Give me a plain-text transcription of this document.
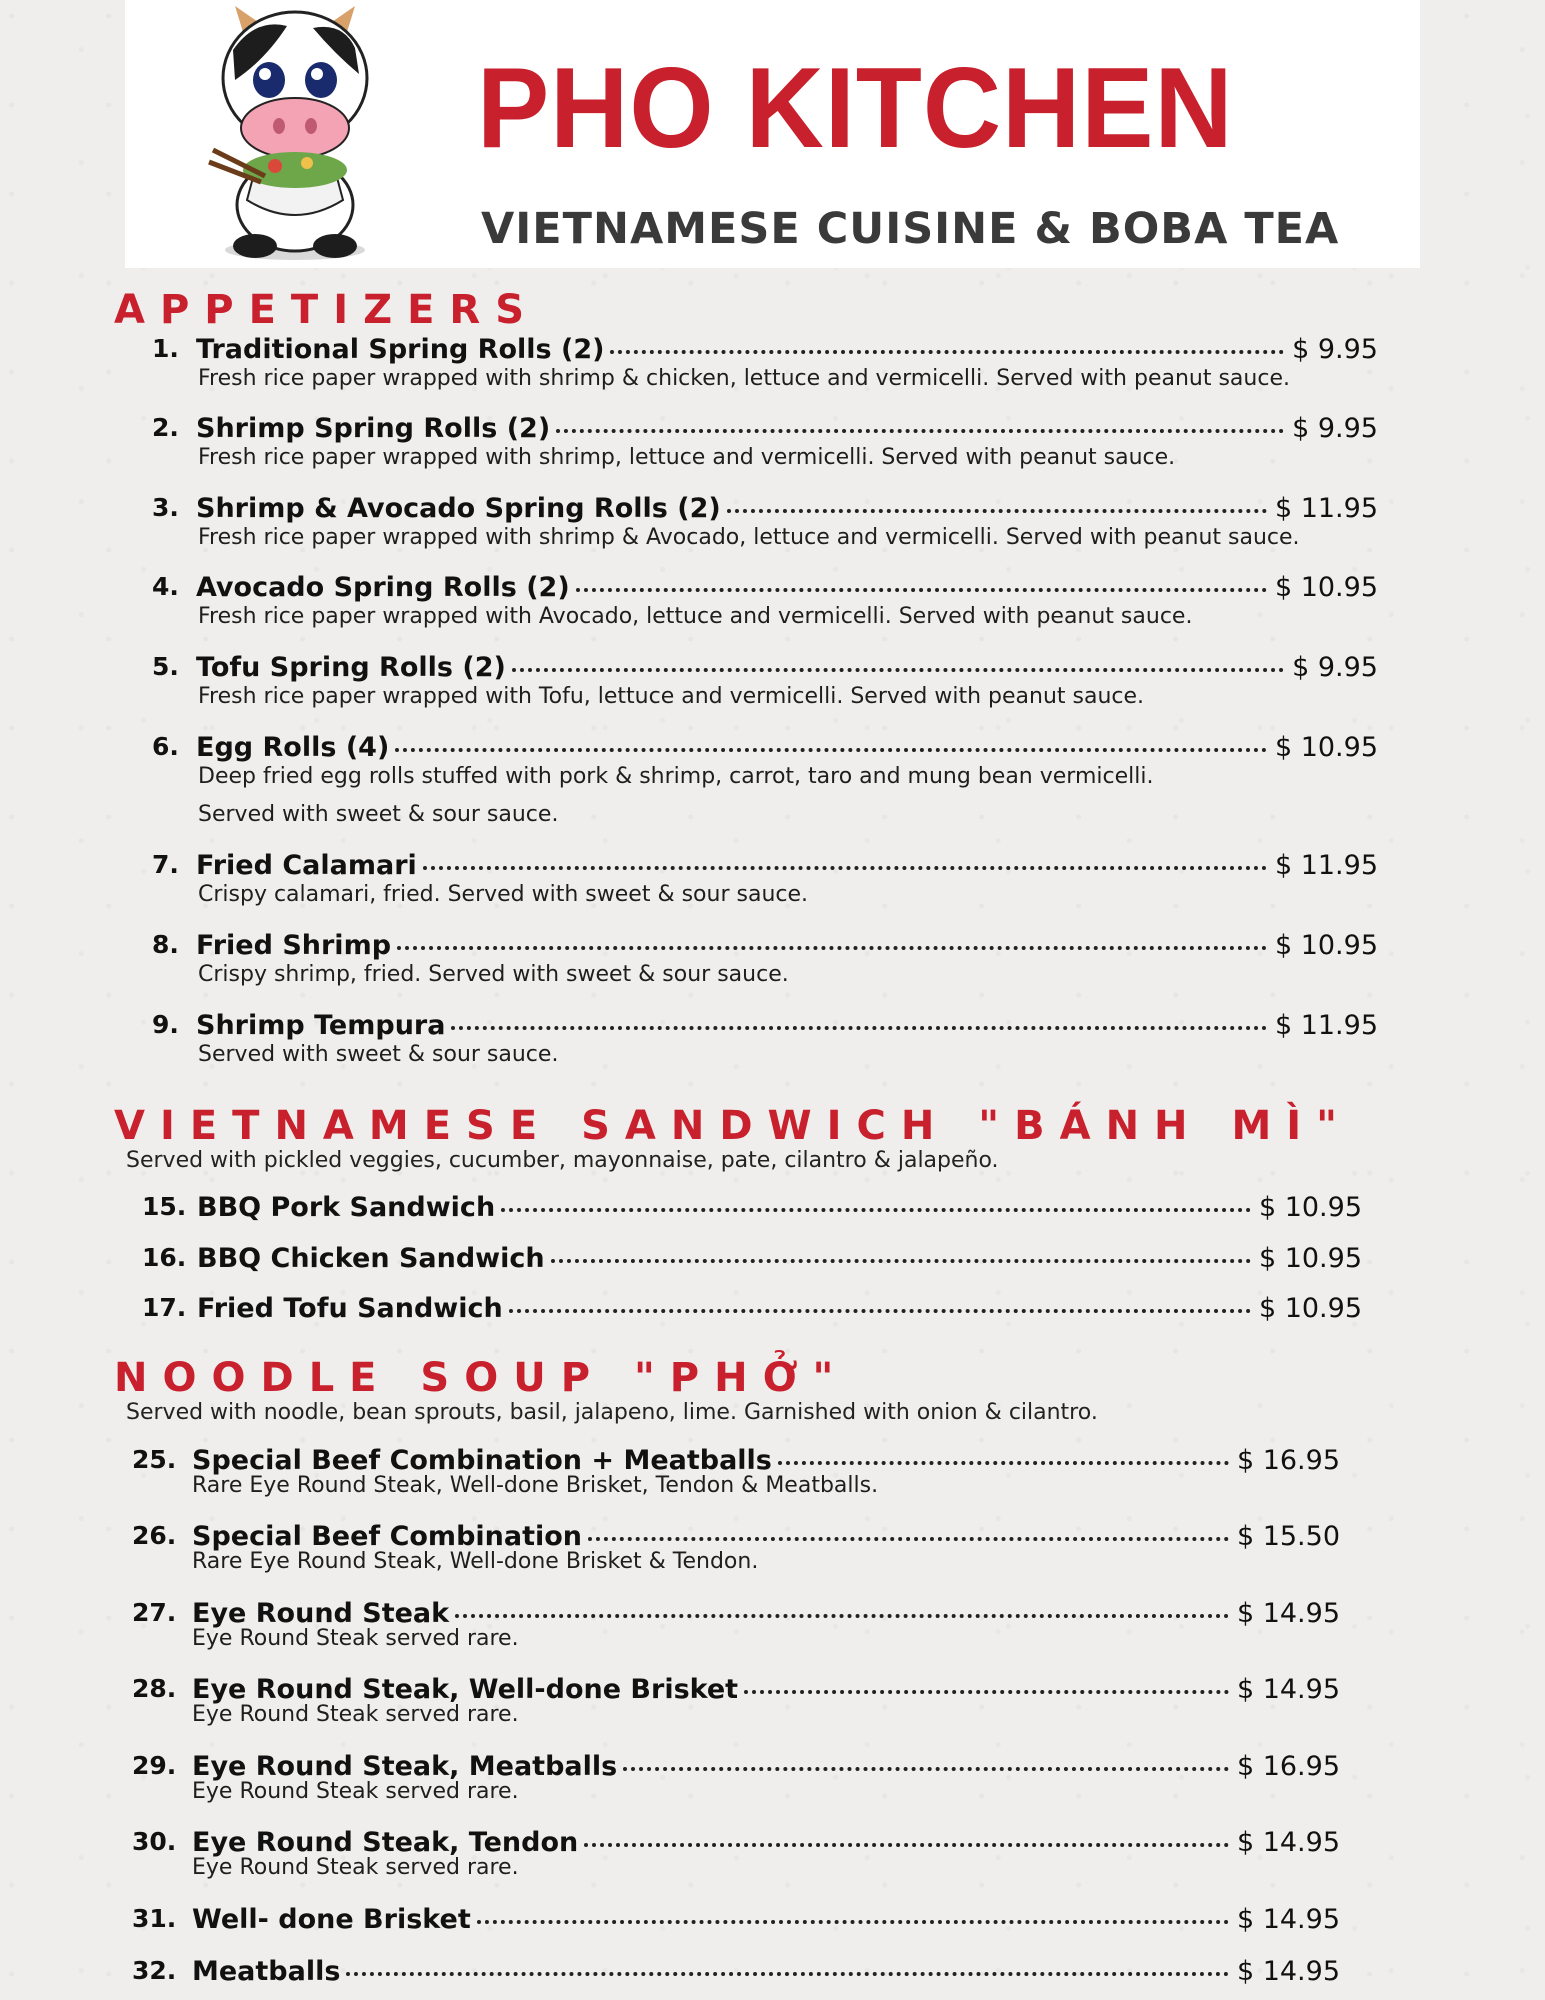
PHO KITCHEN
VIETNAMESE CUISINE & BOBA TEA
APPETIZERS
1. Traditional Spring Rolls (2)	$ 9.95
Fresh rice paper wrapped with shrimp & chicken, lettuce and vermicelli. Served with peanut sauce.
2. Shrimp Spring Rolls (2)	$ 9.95
Fresh rice paper wrapped with shrimp, lettuce and vermicelli. Served with peanut sauce.
3. Shrimp & Avocado Spring Rolls (2)	$ 11.95
Fresh rice paper wrapped with shrimp & Avocado, lettuce and vermicelli. Served with peanut sauce.
4. Avocado Spring Rolls (2)	$ 10.95
Fresh rice paper wrapped with Avocado, lettuce and vermicelli. Served with peanut sauce.
5. Tofu Spring Rolls (2)	$ 9.95
Fresh rice paper wrapped with Tofu, lettuce and vermicelli. Served with peanut sauce.
6. Egg Rolls (4)	$ 10.95
Deep fried egg rolls stuffed with pork & shrimp, carrot, taro and mung bean vermicelli.
Served with sweet & sour sauce.
7. Fried Calamari	$ 11.95
Crispy calamari, fried. Served with sweet & sour sauce.
8. Fried Shrimp	$ 10.95
Crispy shrimp, fried. Served with sweet & sour sauce.
9. Shrimp Tempura	$ 11.95
Served with sweet & sour sauce.
VIETNAMESE SANDWICH "BÁNH MÌ"
Served with pickled veggies, cucumber, mayonnaise, pate, cilantro & jalapeño.
15. BBQ Pork Sandwich	$ 10.95
16. BBQ Chicken Sandwich	$ 10.95
17. Fried Tofu Sandwich	$ 10.95
NOODLE SOUP "PHỞ"
Served with noodle, bean sprouts, basil, jalapeno, lime. Garnished with onion & cilantro.
25. Special Beef Combination + Meatballs	$ 16.95
Rare Eye Round Steak, Well-done Brisket, Tendon & Meatballs.
26. Special Beef Combination	$ 15.50
Rare Eye Round Steak, Well-done Brisket & Tendon.
27. Eye Round Steak	$ 14.95
Eye Round Steak served rare.
28. Eye Round Steak, Well-done Brisket	$ 14.95
Eye Round Steak served rare.
29. Eye Round Steak, Meatballs	$ 16.95
Eye Round Steak served rare.
30. Eye Round Steak, Tendon	$ 14.95
Eye Round Steak served rare.
31. Well- done Brisket	$ 14.95
32. Meatballs	$ 14.95
